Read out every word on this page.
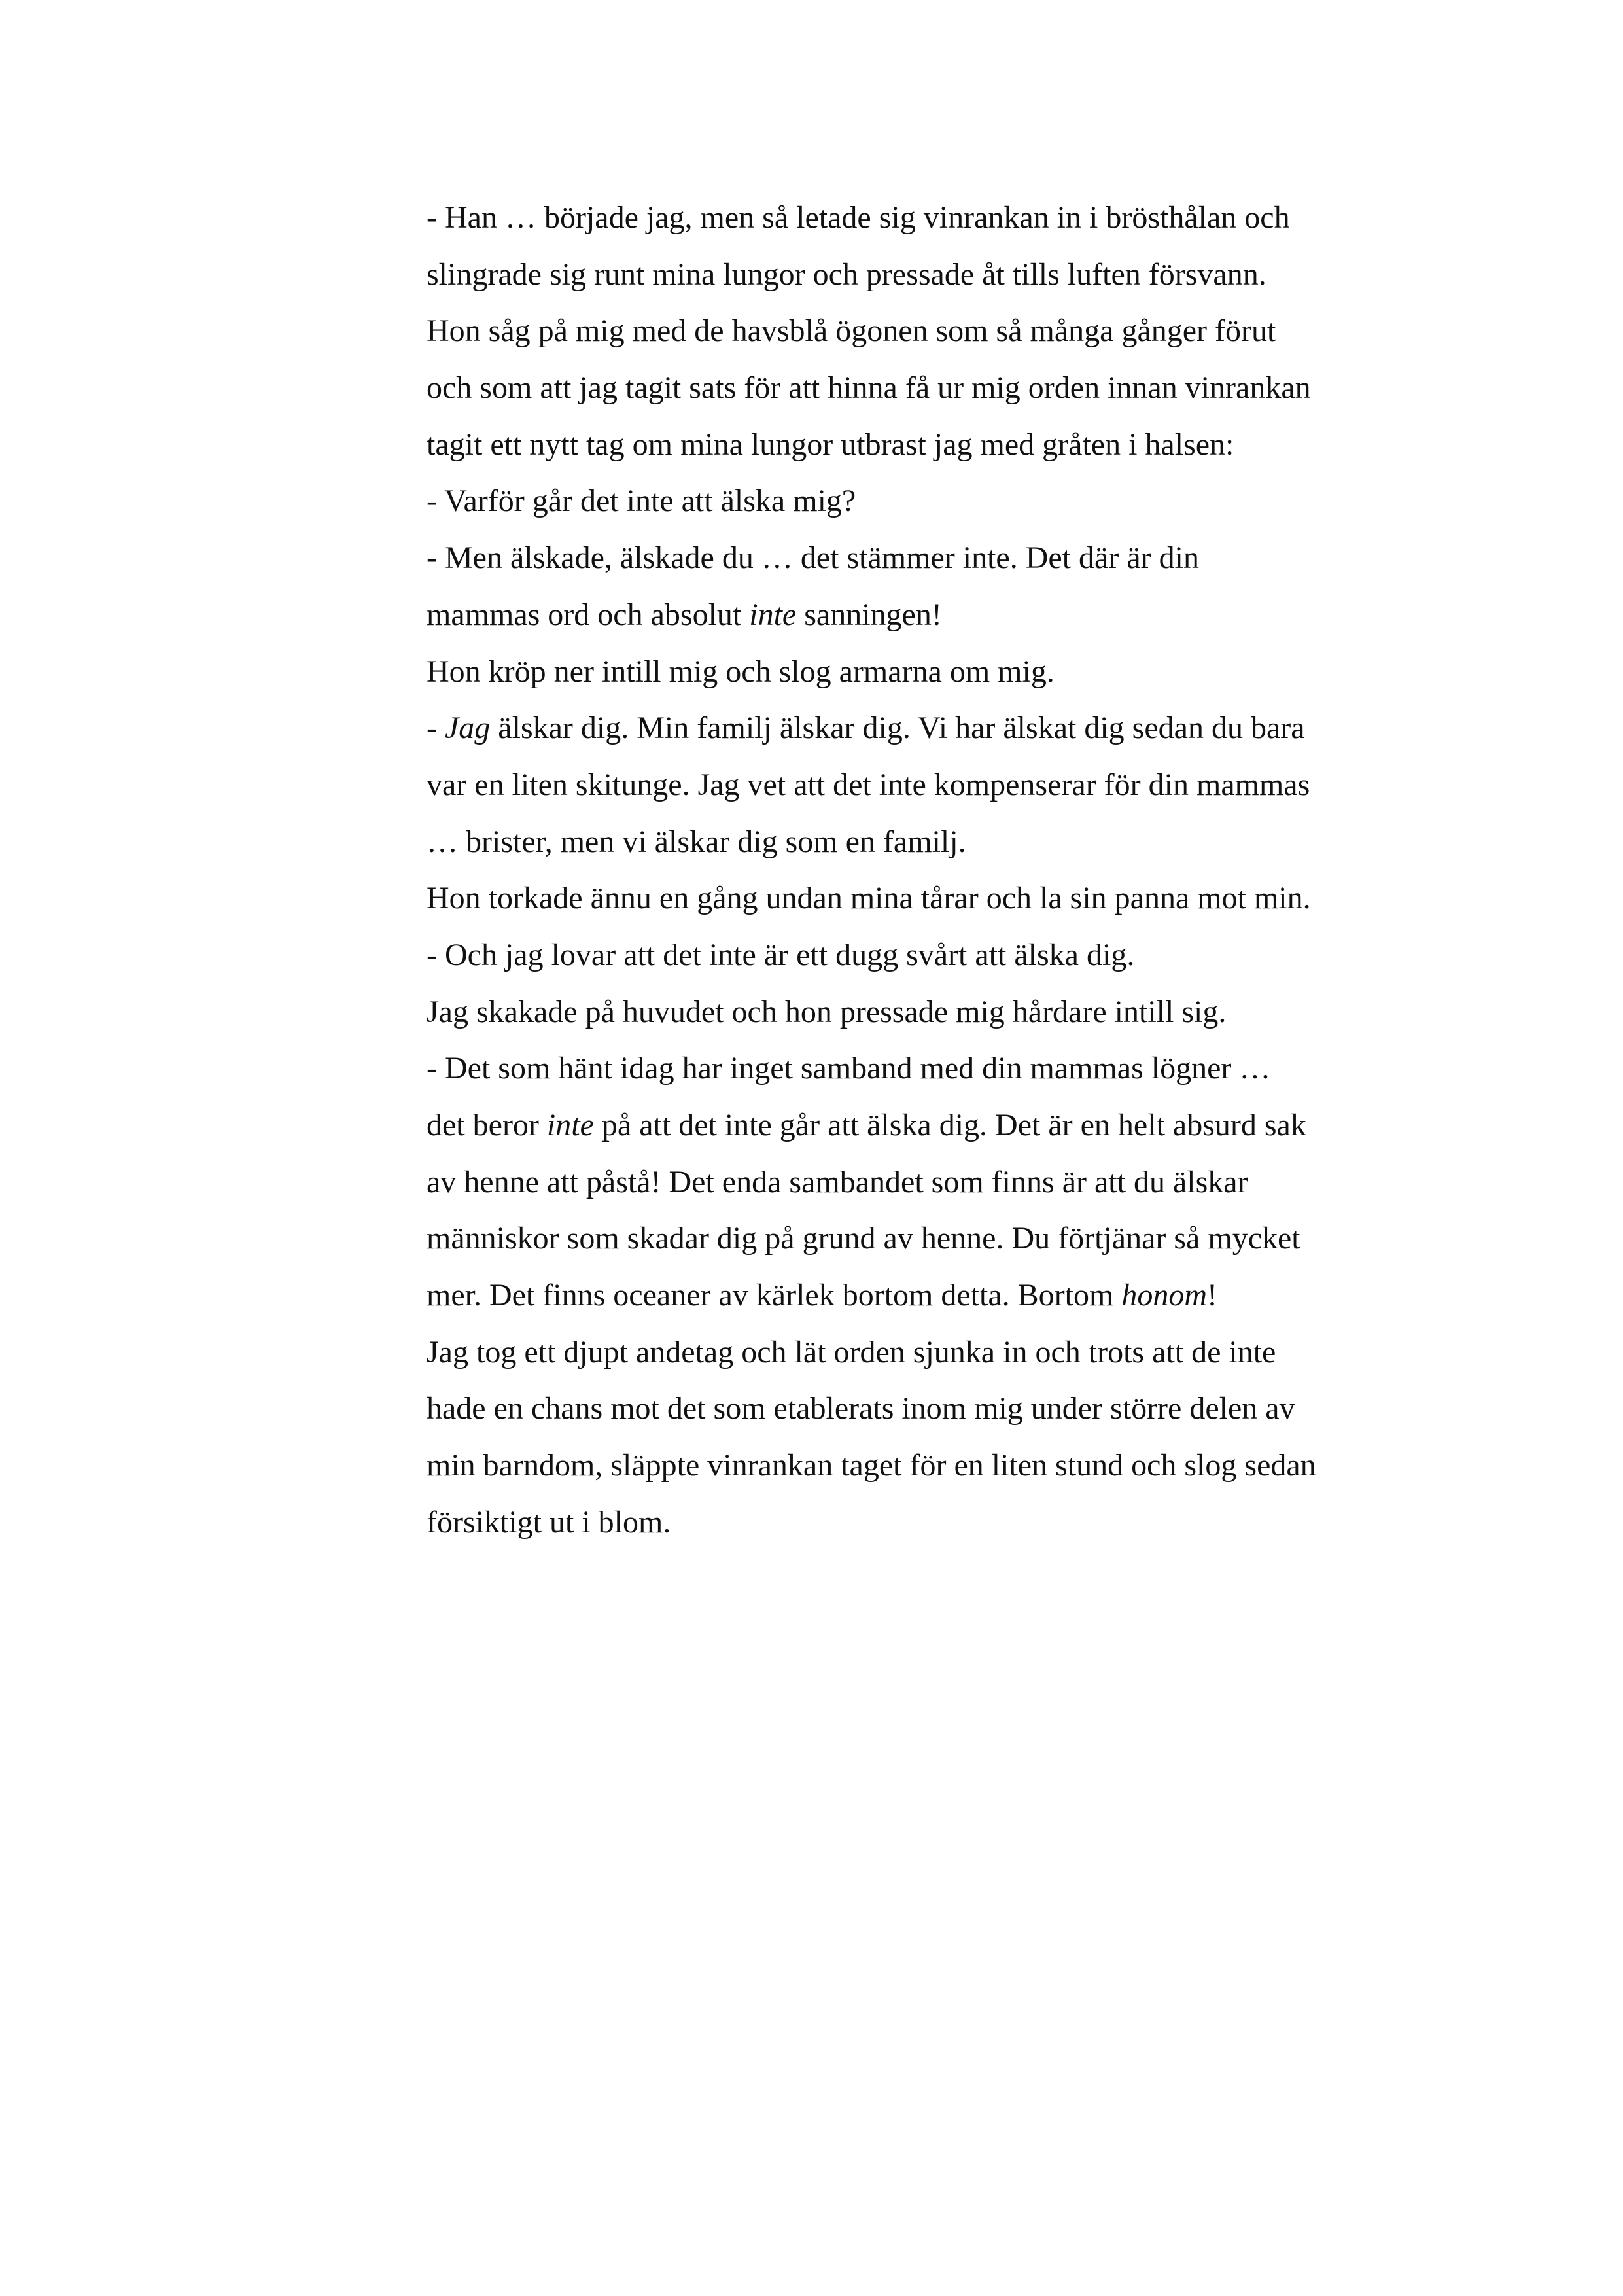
- Han … började jag, men så letade sig vinrankan in i brösthålan och
slingrade sig runt mina lungor och pressade åt tills luften försvann.
Hon såg på mig med de havsblå ögonen som så många gånger förut
och som att jag tagit sats för att hinna få ur mig orden innan vinrankan
tagit ett nytt tag om mina lungor utbrast jag med gråten i halsen:
- Varför går det inte att älska mig?
- Men älskade, älskade du … det stämmer inte. Det där är din
mammas ord och absolut inte sanningen!
Hon kröp ner intill mig och slog armarna om mig.
- Jag älskar dig. Min familj älskar dig. Vi har älskat dig sedan du bara
var en liten skitunge. Jag vet att det inte kompenserar för din mammas
… brister, men vi älskar dig som en familj.
Hon torkade ännu en gång undan mina tårar och la sin panna mot min.
- Och jag lovar att det inte är ett dugg svårt att älska dig.
Jag skakade på huvudet och hon pressade mig hårdare intill sig.
- Det som hänt idag har inget samband med din mammas lögner …
det beror inte på att det inte går att älska dig. Det är en helt absurd sak
av henne att påstå! Det enda sambandet som finns är att du älskar
människor som skadar dig på grund av henne. Du förtjänar så mycket
mer. Det finns oceaner av kärlek bortom detta. Bortom honom!
Jag tog ett djupt andetag och lät orden sjunka in och trots att de inte
hade en chans mot det som etablerats inom mig under större delen av
min barndom, släppte vinrankan taget för en liten stund och slog sedan
försiktigt ut i blom.
